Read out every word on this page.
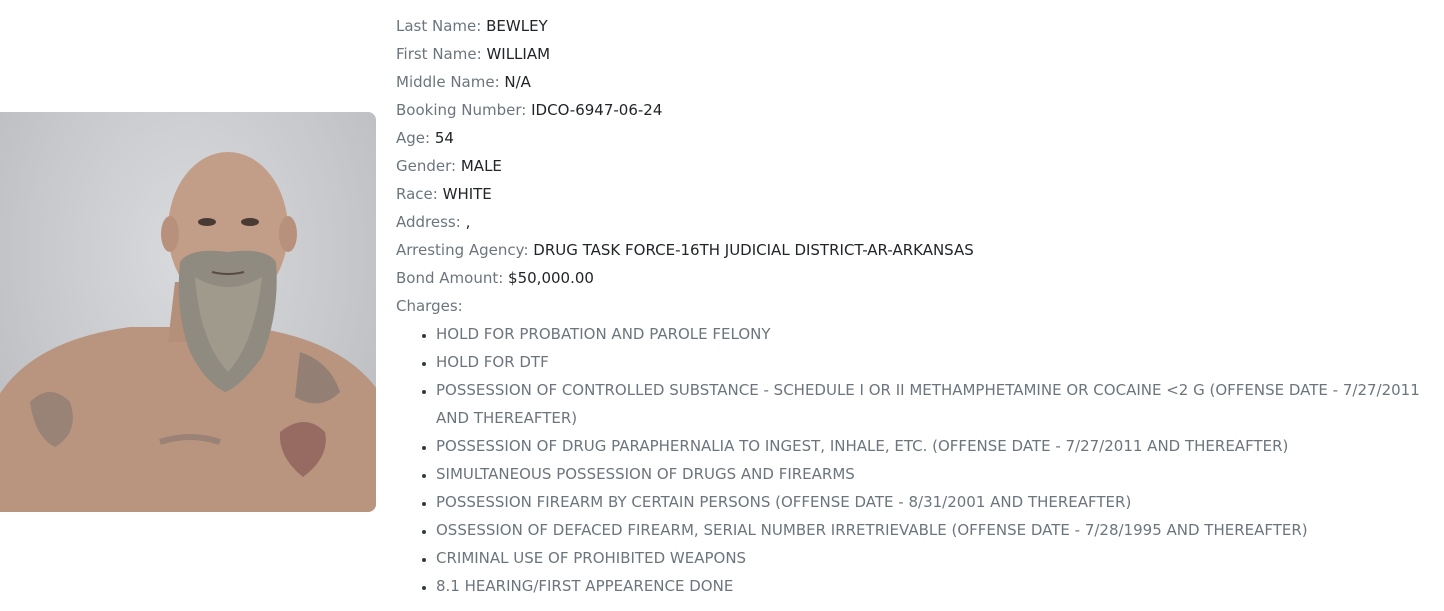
Last Name: BEWLEY
First Name: WILLIAM
Middle Name: N/A
Booking Number: IDCO-6947-06-24
Age: 54
Gender: MALE
Race: WHITE
Address: ,
Arresting Agency: DRUG TASK FORCE-16TH JUDICIAL DISTRICT-AR-ARKANSAS
Bond Amount: $50,000.00
Charges:
• HOLD FOR PROBATION AND PAROLE FELONY
• HOLD FOR DTF
• POSSESSION OF CONTROLLED SUBSTANCE - SCHEDULE I OR II METHAMPHETAMINE OR COCAINE <2 G (OFFENSE DATE - 7/27/2011 AND THEREAFTER)
• POSSESSION OF DRUG PARAPHERNALIA TO INGEST, INHALE, ETC. (OFFENSE DATE - 7/27/2011 AND THEREAFTER)
• SIMULTANEOUS POSSESSION OF DRUGS AND FIREARMS
• POSSESSION FIREARM BY CERTAIN PERSONS (OFFENSE DATE - 8/31/2001 AND THEREAFTER)
• OSSESSION OF DEFACED FIREARM, SERIAL NUMBER IRRETRIEVABLE (OFFENSE DATE - 7/28/1995 AND THEREAFTER)
• CRIMINAL USE OF PROHIBITED WEAPONS
• 8.1 HEARING/FIRST APPEARENCE DONE
